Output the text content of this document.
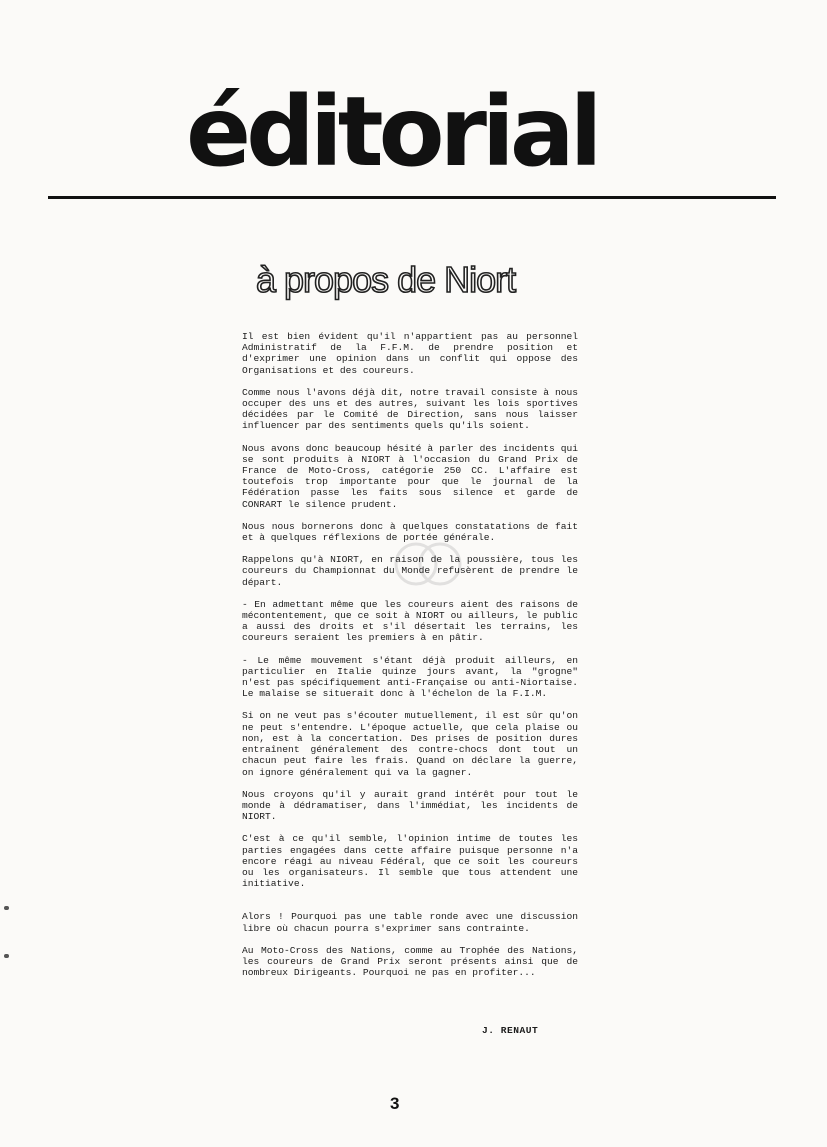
éditorial
à propos de Niort

Il est bien évident qu'il n'appartient pas au personnel Administratif de la F.F.M. de prendre position et d'exprimer une opinion dans un conflit qui oppose des Organisations et des coureurs.

Comme nous l'avons déjà dit, notre travail consiste à nous occuper des uns et des autres, suivant les lois sportives décidées par le Comité de Direction, sans nous laisser influencer par des sentiments quels qu'ils soient.

Nous avons donc beaucoup hésité à parler des incidents qui se sont produits à NIORT à l'occasion du Grand Prix de France de Moto-Cross, catégorie 250 CC. L'affaire est toutefois trop importante pour que le journal de la Fédération passe les faits sous silence et garde de CONRART le silence prudent.

Nous nous bornerons donc à quelques constatations de fait et à quelques réflexions de portée générale.

Rappelons qu'à NIORT, en raison de la poussière, tous les coureurs du Championnat du Monde refusèrent de prendre le départ.

- En admettant même que les coureurs aient des raisons de mécontentement, que ce soit à NIORT ou ailleurs, le public a aussi des droits et s'il désertait les terrains, les coureurs seraient les premiers à en pâtir.

- Le même mouvement s'étant déjà produit ailleurs, en particulier en Italie quinze jours avant, la "grogne" n'est pas spécifiquement anti-Française ou anti-Niortaise. Le malaise se situerait donc à l'échelon de la F.I.M.

Si on ne veut pas s'écouter mutuellement, il est sûr qu'on ne peut s'entendre. L'époque actuelle, que cela plaise ou non, est à la concertation. Des prises de position dures entraînent généralement des contre-chocs dont tout un chacun peut faire les frais. Quand on déclare la guerre, on ignore généralement qui va la gagner.

Nous croyons qu'il y aurait grand intérêt pour tout le monde à dédramatiser, dans l'immédiat, les incidents de NIORT.

C'est à ce qu'il semble, l'opinion intime de toutes les parties engagées dans cette affaire puisque personne n'a encore réagi au niveau Fédéral, que ce soit les coureurs ou les organisateurs. Il semble que tous attendent une initiative.

Alors ! Pourquoi pas une table ronde avec une discussion libre où chacun pourra s'exprimer sans contrainte.

Au Moto-Cross des Nations, comme au Trophée des Nations, les coureurs de Grand Prix seront présents ainsi que de nombreux Dirigeants. Pourquoi ne pas en profiter...

J. RENAUT
3
